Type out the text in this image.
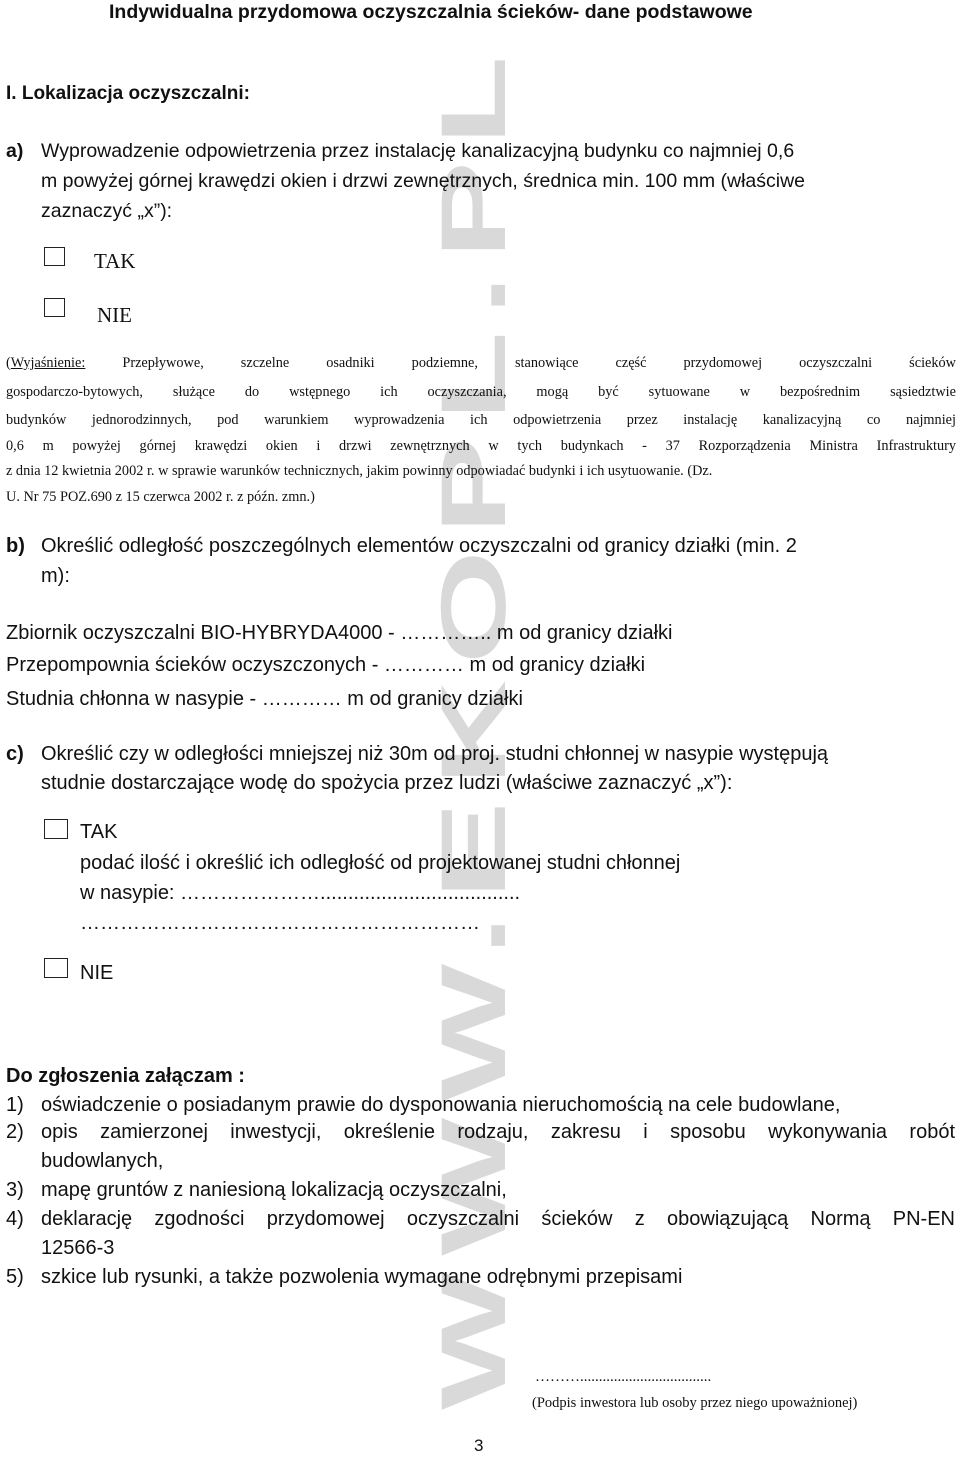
WWW.EKOPL.PL
Indywidualna przydomowa oczyszczalnia ścieków- dane podstawowe
I. Lokalizacja oczyszczalni:
a) Wyprowadzenie odpowietrzenia przez instalację kanalizacyjną budynku co najmniej 0,6
m powyżej górnej krawędzi okien i drzwi zewnętrznych, średnica min. 100 mm (właściwe
zaznaczyć „x”):
TAK
NIE
(Wyjaśnienie:	Przepływowe, szczelne osadniki podziemne, stanowiące część przydomowej oczyszczalni ścieków
gospodarczo-bytowych, służące do wstępnego ich oczyszczania, mogą być sytuowane w bezpośrednim sąsiedztwie
budynków jednorodzinnych, pod warunkiem wyprowadzenia ich odpowietrzenia przez instalację kanalizacyjną co najmniej
0,6 m powyżej górnej krawędzi okien i drzwi zewnętrznych w tych budynkach - 37 Rozporządzenia Ministra Infrastruktury
z dnia 12 kwietnia 2002 r. w sprawie warunków technicznych, jakim powinny odpowiadać budynki i ich usytuowanie. (Dz.
U. Nr 75 POZ.690 z 15 czerwca 2002 r. z późn. zmn.)
b) Określić odległość poszczególnych elementów oczyszczalni od granicy działki (min. 2
m):
Zbiornik oczyszczalni BIO-HYBRYDA4000 - ………….. m od granicy działki
Przepompownia ścieków oczyszczonych - ………… m od granicy działki
Studnia chłonna w nasypie - ………… m od granicy działki
c) Określić czy w odległości mniejszej niż 30m od proj. studni chłonnej w nasypie występują
studnie dostarczające wodę do spożycia przez ludzi (właściwe zaznaczyć „x”):
TAK
podać ilość i określić ich odległość od projektowanej studni chłonnej
w nasypie: …………………....................................
……………………………………………………
NIE
Do zgłoszenia załączam :
1) oświadczenie o posiadanym prawie do dysponowania nieruchomością na cele budowlane,
2) opis zamierzonej inwestycji, określenie rodzaju, zakresu i sposobu wykonywania robót
budowlanych,
3) mapę gruntów z naniesioną lokalizacją oczyszczalni,
4) deklarację zgodności przydomowej oczyszczalni ścieków z obowiązującą Normą PN-EN
12566-3
5) szkice lub rysunki, a także pozwolenia wymagane odrębnymi przepisami
………...................................
(Podpis inwestora lub osoby przez niego upoważnionej)
3
